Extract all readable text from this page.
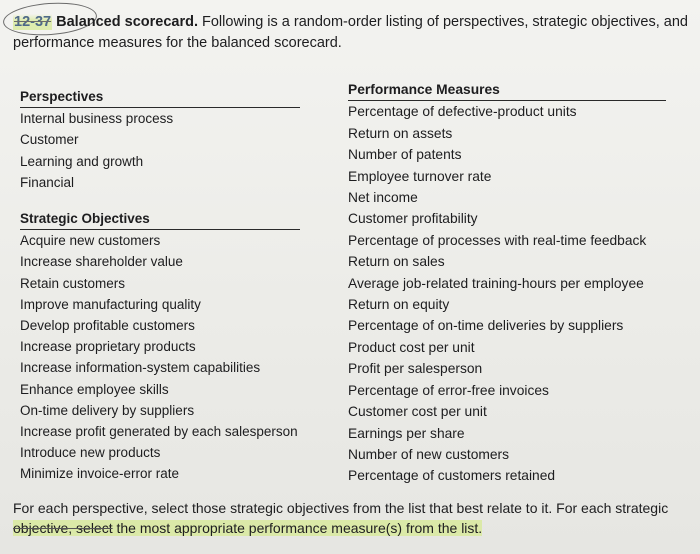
12-37 Balanced scorecard. Following is a random-order listing of perspectives, strategic objectives, and performance measures for the balanced scorecard.
Perspectives
Internal business process
Customer
Learning and growth
Financial
Strategic Objectives
Acquire new customers
Increase shareholder value
Retain customers
Improve manufacturing quality
Develop profitable customers
Increase proprietary products
Increase information-system capabilities
Enhance employee skills
On-time delivery by suppliers
Increase profit generated by each salesperson
Introduce new products
Minimize invoice-error rate
Performance Measures
Percentage of defective-product units
Return on assets
Number of patents
Employee turnover rate
Net income
Customer profitability
Percentage of processes with real-time feedback
Return on sales
Average job-related training-hours per employee
Return on equity
Percentage of on-time deliveries by suppliers
Product cost per unit
Profit per salesperson
Percentage of error-free invoices
Customer cost per unit
Earnings per share
Number of new customers
Percentage of customers retained
For each perspective, select those strategic objectives from the list that best relate to it. For each strategic objective, select the most appropriate performance measure(s) from the list.
